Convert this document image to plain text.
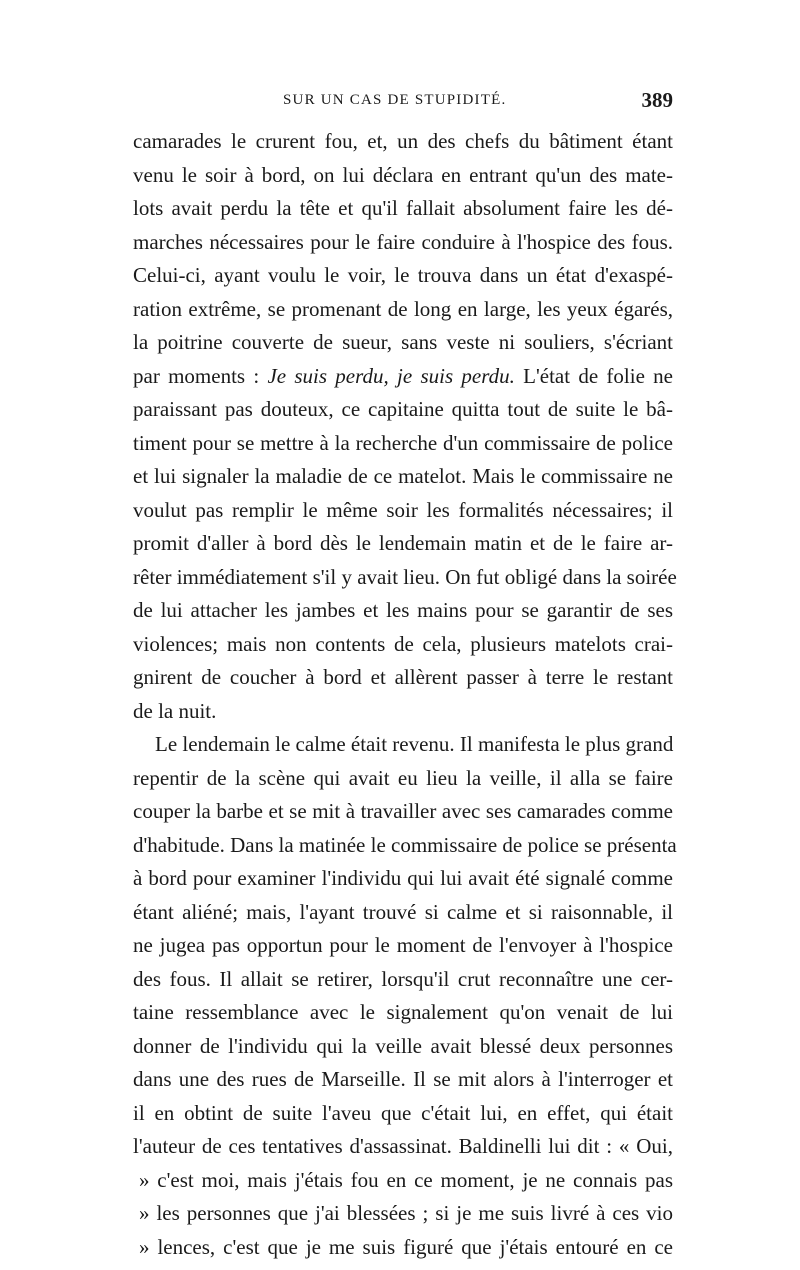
SUR UN CAS DE STUPIDITÉ.	389
camarades le crurent fou, et, un des chefs du bâtiment étant
venu le soir à bord, on lui déclara en entrant qu'un des mate-
lots avait perdu la tête et qu'il fallait absolument faire les dé-
marches nécessaires pour le faire conduire à l'hospice des fous.
Celui-ci, ayant voulu le voir, le trouva dans un état d'exaspé-
ration extrême, se promenant de long en large, les yeux égarés,
la poitrine couverte de sueur, sans veste ni souliers, s'écriant
par moments : Je suis perdu, je suis perdu. L'état de folie ne
paraissant pas douteux, ce capitaine quitta tout de suite le bâ-
timent pour se mettre à la recherche d'un commissaire de police
et lui signaler la maladie de ce matelot. Mais le commissaire ne
voulut pas remplir le même soir les formalités nécessaires; il
promit d'aller à bord dès le lendemain matin et de le faire ar-
rêter immédiatement s'il y avait lieu. On fut obligé dans la soirée
de lui attacher les jambes et les mains pour se garantir de ses
violences; mais non contents de cela, plusieurs matelots crai-
gnirent de coucher à bord et allèrent passer à terre le restant
de la nuit.
Le lendemain le calme était revenu. Il manifesta le plus grand
repentir de la scène qui avait eu lieu la veille, il alla se faire
couper la barbe et se mit à travailler avec ses camarades comme
d'habitude. Dans la matinée le commissaire de police se présenta
à bord pour examiner l'individu qui lui avait été signalé comme
étant aliéné; mais, l'ayant trouvé si calme et si raisonnable, il
ne jugea pas opportun pour le moment de l'envoyer à l'hospice
des fous. Il allait se retirer, lorsqu'il crut reconnaître une cer-
taine ressemblance avec le signalement qu'on venait de lui
donner de l'individu qui la veille avait blessé deux personnes
dans une des rues de Marseille. Il se mit alors à l'interroger et
il en obtint de suite l'aveu que c'était lui, en effet, qui était
l'auteur de ces tentatives d'assassinat. Baldinelli lui dit : « Oui,
» c'est moi, mais j'étais fou en ce moment, je ne connais pas
» les personnes que j'ai blessées ; si je me suis livré à ces vio
» lences, c'est que je me suis figuré que j'étais entouré en ce
